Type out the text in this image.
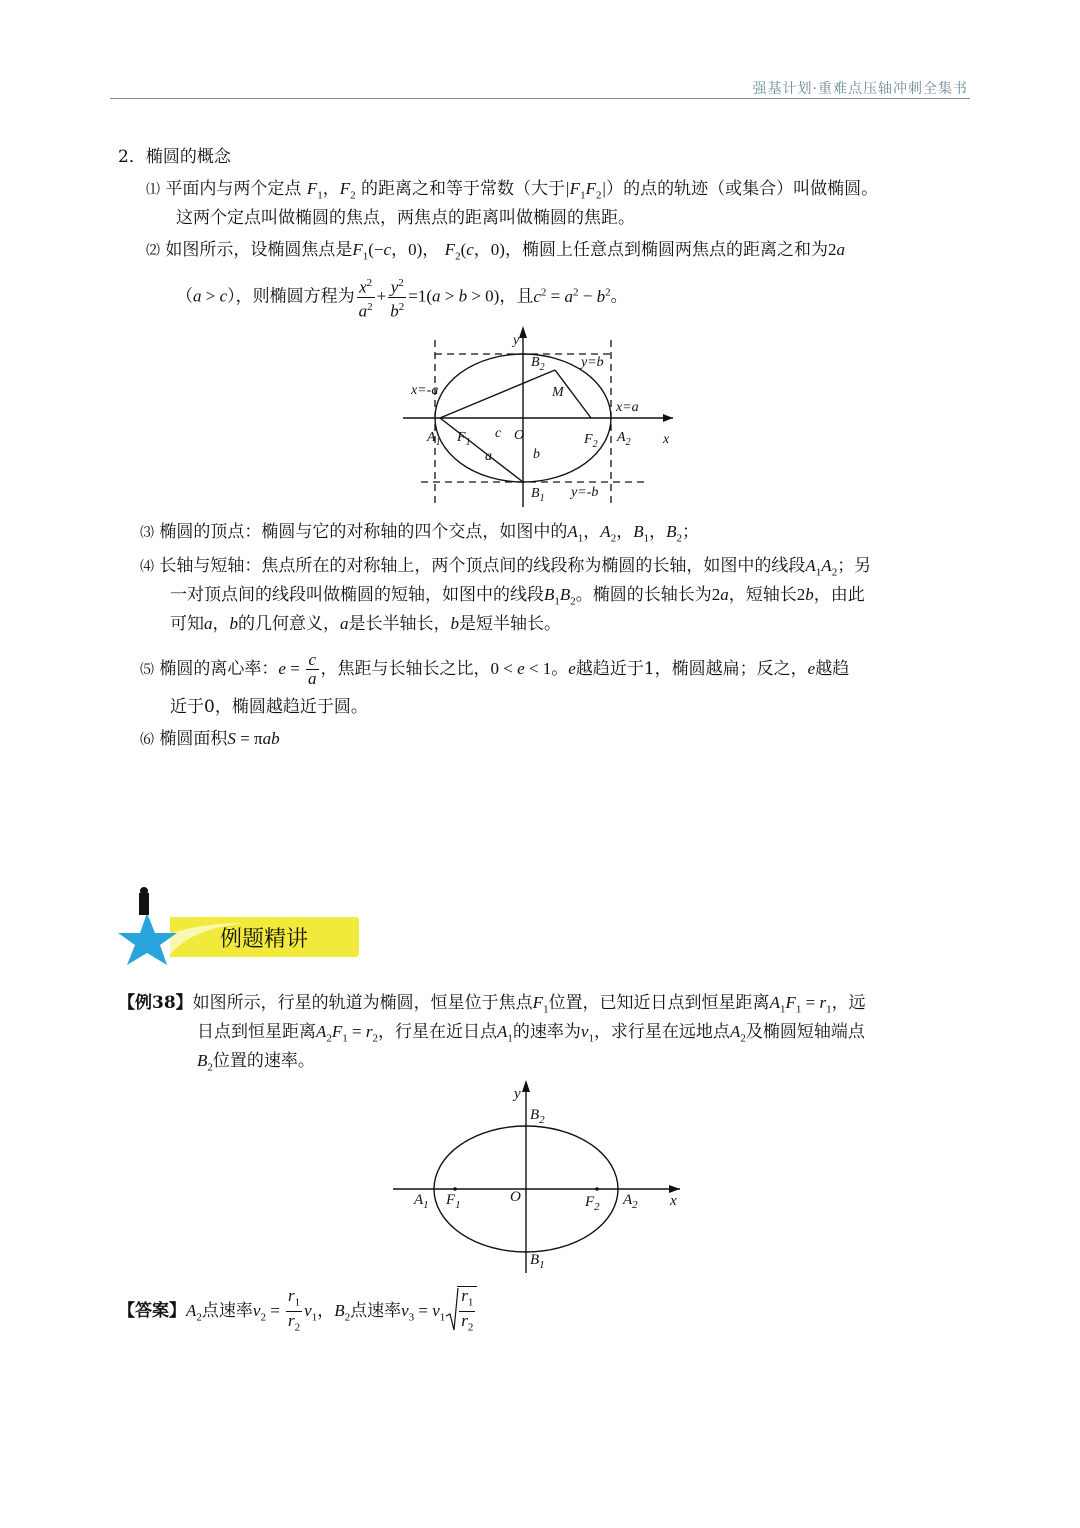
强基计划·重难点压轴冲刺全集书
2．椭圆的概念
⑴ 平面内与两个定点 $F_1$，$F_2$ 的距离之和等于常数（大于$|F_1F_2|$）的点的轨迹（或集合）叫做椭圆。
这两个定点叫做椭圆的焦点，两焦点的距离叫做椭圆的焦距。
⑵ 如图所示，设椭圆焦点是$F_1(-c$，0)， $F_2(c$，0)，椭圆上任意点到椭圆两焦点的距离之和为2a
（a > c），则椭圆方程为 $\frac{x^2}{a^2} + \frac{y^2}{b^2} =1(a > b > 0)$，且$c^2 = a^2 - b^2$。
y
x
$B_2$	y=b
x=-a	M
x=a
$A_1$ $F_1$
c O	$F_2$ $A_2$
a	b
$B_1$ y=-b
⑶ 椭圆的顶点：椭圆与它的对称轴的四个交点，如图中的$A_1$，$A_2$，$B_1$，$B_2$；
⑷ 长轴与短轴：焦点所在的对称轴上，两个顶点间的线段称为椭圆的长轴，如图中的线段$A_1A_2$；另
一对顶点间的线段叫做椭圆的短轴，如图中的线段$B_1B_2$。椭圆的长轴长为2a，短轴长2b，由此
可知a，b的几何意义，a是长半轴长，b是短半轴长。
⑸ 椭圆的离心率：$e = \frac{c}{a}$ ，焦距与长轴长之比，0 < e < 1。e越趋近于1，椭圆越扁；反之，e越趋
近于0，椭圆越趋近于圆。
⑹ 椭圆面积S = πab
例题精讲
【例38】如图所示，行星的轨道为椭圆，恒星位于焦点$F_1$位置，已知近日点到恒星距离$A_1F_1 = r_1$，远
日点到恒星距离$A_2F_1 = r_2$，行星在近日点$A_1$的速率为$v_1$，求行星在远地点$A_2$及椭圆短轴端点
$B_2$位置的速率。
y
x
$B_2$
$A_1$ $F_1$	O	$F_2$ $A_2$
$B_1$
【答案】$A_2$点速率$v_2 = \frac{r_1}{r_2} v_1$，$B_2$点速率$v_3 = v_1 \frac{r_1}{r_2}$
